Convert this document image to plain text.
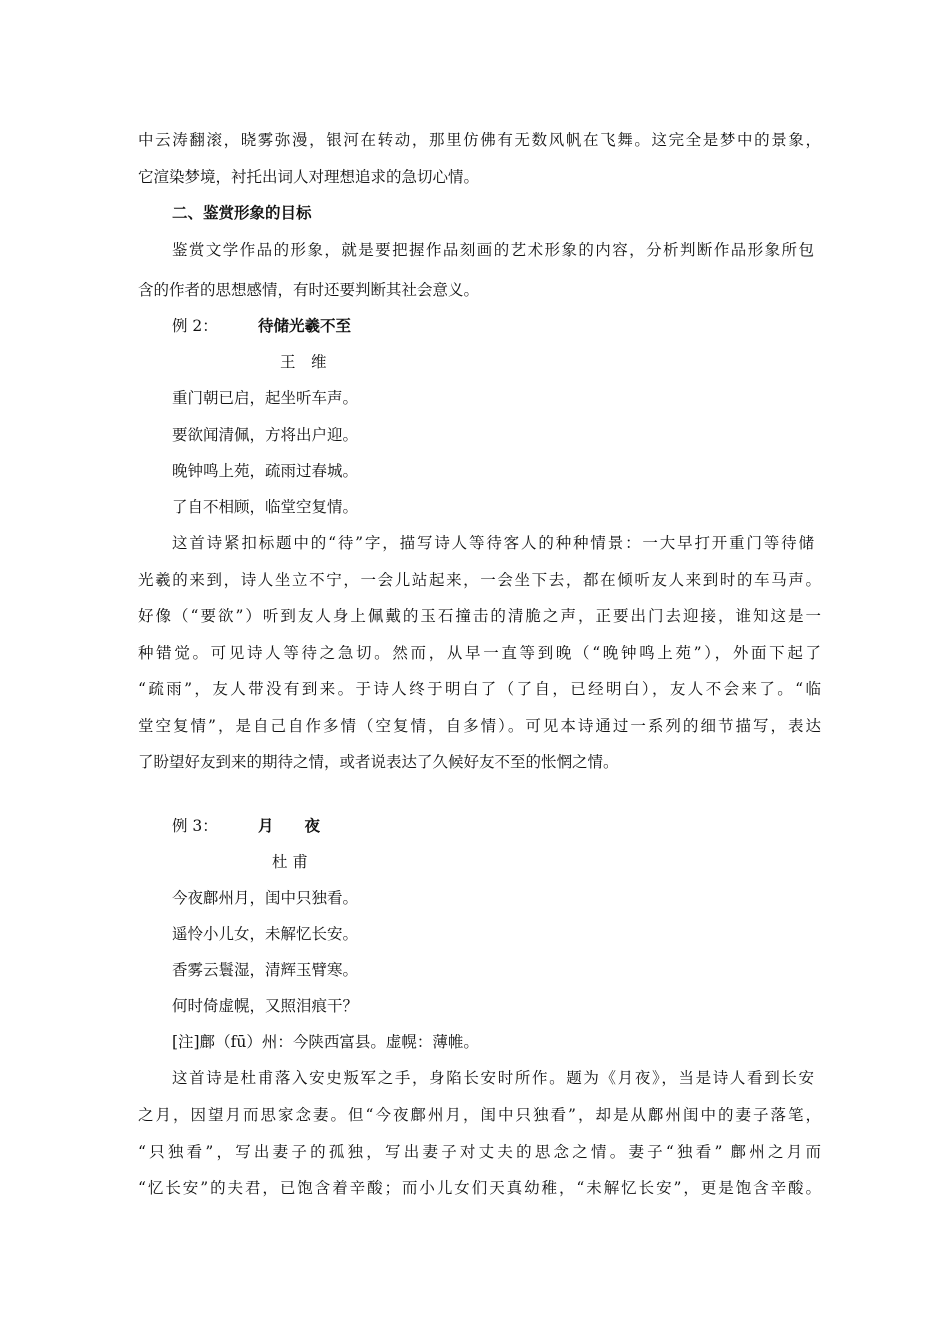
中云涛翻滚，晓雾弥漫，银河在转动，那里仿佛有无数风帆在飞舞。这完全是梦中的景象，
它渲染梦境，衬托出词人对理想追求的急切心情。
二、鉴赏形象的目标
鉴赏文学作品的形象，就是要把握作品刻画的艺术形象的内容，分析判断作品形象所包
含的作者的思想感情，有时还要判断其社会意义。
例 2：	待储光羲不至
王　维
重门朝已启，起坐听车声。
要欲闻清佩，方将出户迎。
晚钟鸣上苑，疏雨过春城。
了自不相顾，临堂空复情。
这首诗紧扣标题中的“待”字，描写诗人等待客人的种种情景：一大早打开重门等待储
光羲的来到，诗人坐立不宁，一会儿站起来，一会坐下去，都在倾听友人来到时的车马声。
好像（“要欲”）听到友人身上佩戴的玉石撞击的清脆之声，正要出门去迎接，谁知这是一
种错觉。可见诗人等待之急切。然而，从早一直等到晚（“晚钟鸣上苑”），外面下起了
“疏雨”，友人带没有到来。于诗人终于明白了（了自，已经明白），友人不会来了。“临
堂空复情”，是自己自作多情（空复情，自多情）。可见本诗通过一系列的细节描写，表达
了盼望好友到来的期待之情，或者说表达了久候好友不至的怅惘之情。
例 3：	月　　夜
杜 甫
今夜鄜州月，闺中只独看。
遥怜小儿女，未解忆长安。
香雾云鬟湿，清辉玉臂寒。
何时倚虚幌，又照泪痕干？
[注]鄜（fū）州：今陕西富县。虚幌：薄帷。
这首诗是杜甫落入安史叛军之手，身陷长安时所作。题为《月夜》，当是诗人看到长安
之月，因望月而思家念妻。但“今夜鄜州月，闺中只独看”，却是从鄜州闺中的妻子落笔，
“只独看”，写出妻子的孤独，写出妻子对丈夫的思念之情。妻子“独看” 鄜州之月而
“忆长安”的夫君，已饱含着辛酸；而小儿女们天真幼稚，“未解忆长安”，更是饱含辛酸。
